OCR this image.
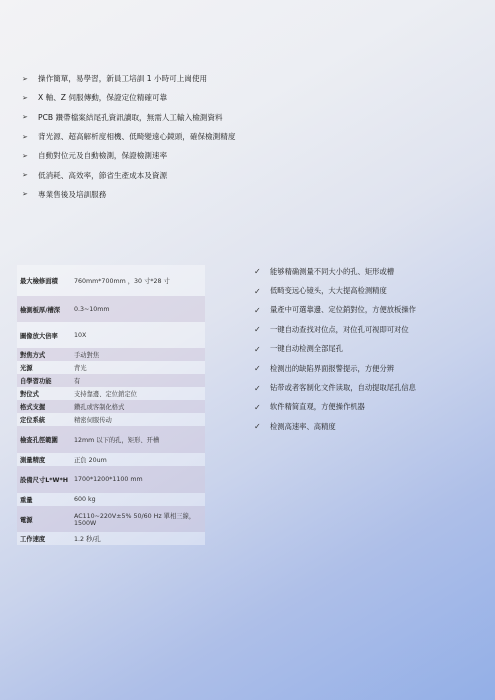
➢ 操作簡單，易學習，新員工培訓 1 小時可上崗使用
➢ X 軸、Z 伺服傳動，保證定位精確可靠
➢ PCB 鑽帶檔案結尾孔資訊讀取，無需人工輸入檢測資料
➢ 背光源、超高解析度相機、低畸變遠心鏡頭，確保檢測精度
➢ 自動對位元及自動檢測，保證檢測速率
➢ 低消耗、高效率，節省生產成本及資源
➢ 專業售後及培訓服務
最大檢修面積	760mm*700mm ，30 寸*28 寸
檢測板厚/槽深	0.3~10mm
圖像放大倍率	10X
對焦方式	手动對焦
光源	背光
自學習功能	有
對位式	支持靠邊、定位銷定位
格式支握	鑽孔或客制化格式
定位系統	精密伺服传动
檢查孔徑範圍	12mm 以下的孔，矩形、开槽
測量精度	正負 20um
設備尺寸L*W*H	1700*1200*1100 mm
重量	600 kg
電源	AC110~220V±5% 50/60 Hz 單相三線，1500W
工作速度	1.2 秒/孔
✓ 能够精确测量不同大小的孔、矩形或槽
✓ 低畸变远心镜头，大大提高检测精度
✓ 量產中可選靠邊、定位銷對位，方便放板操作
✓ 一键自动查找对位点，对位孔可视即可对位
✓ 一键自动检测全部尾孔
✓ 检测出的缺陷界面报警提示，方便分辨
✓ 钻带或者客制化文件读取，自动提取尾孔信息
✓ 软件精简直观，方便操作机器
✓ 检测高速率、高精度
